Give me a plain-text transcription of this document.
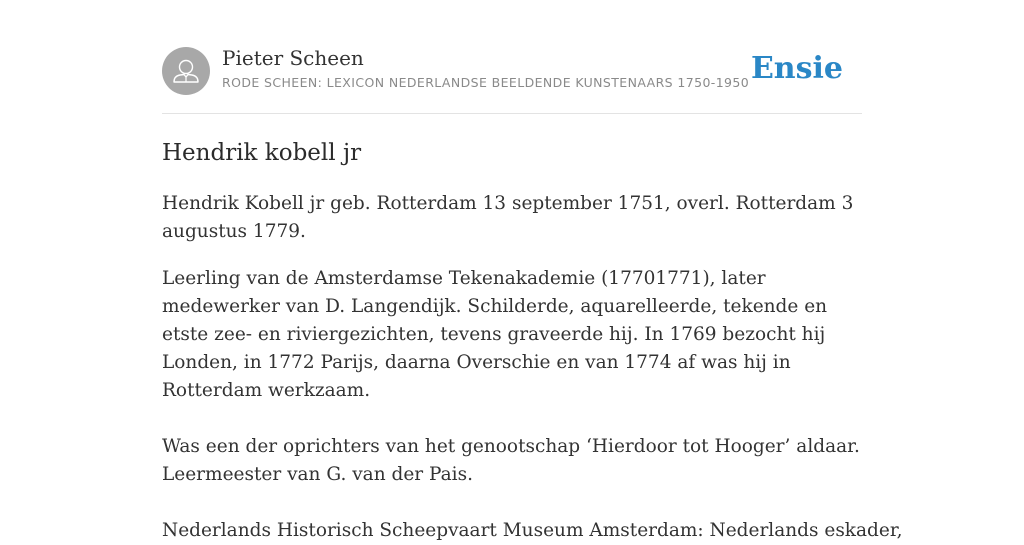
Pieter Scheen
RODE SCHEEN: LEXICON NEDERLANDSE BEELDENDE KUNSTENAARS 1750-1950 Ensie
Hendrik kobell jr

Hendrik Kobell jr geb. Rotterdam 13 september 1751, overl. Rotterdam 3 augustus 1779.

Leerling van de Amsterdamse Tekenakademie (17701771), later medewerker van D. Langendijk. Schilderde, aquarelleerde, tekende en etste zee- en riviergezichten, tevens graveerde hij. In 1769 bezocht hij Londen, in 1772 Parijs, daarna Overschie en van 1774 af was hij in Rotterdam werkzaam.

Was een der oprichters van het genootschap ‘Hierdoor tot Hooger’ aldaar. Leermeester van G. van der Pais.

Nederlands Historisch Scheepvaart Museum Amsterdam: Nederlands eskader,
